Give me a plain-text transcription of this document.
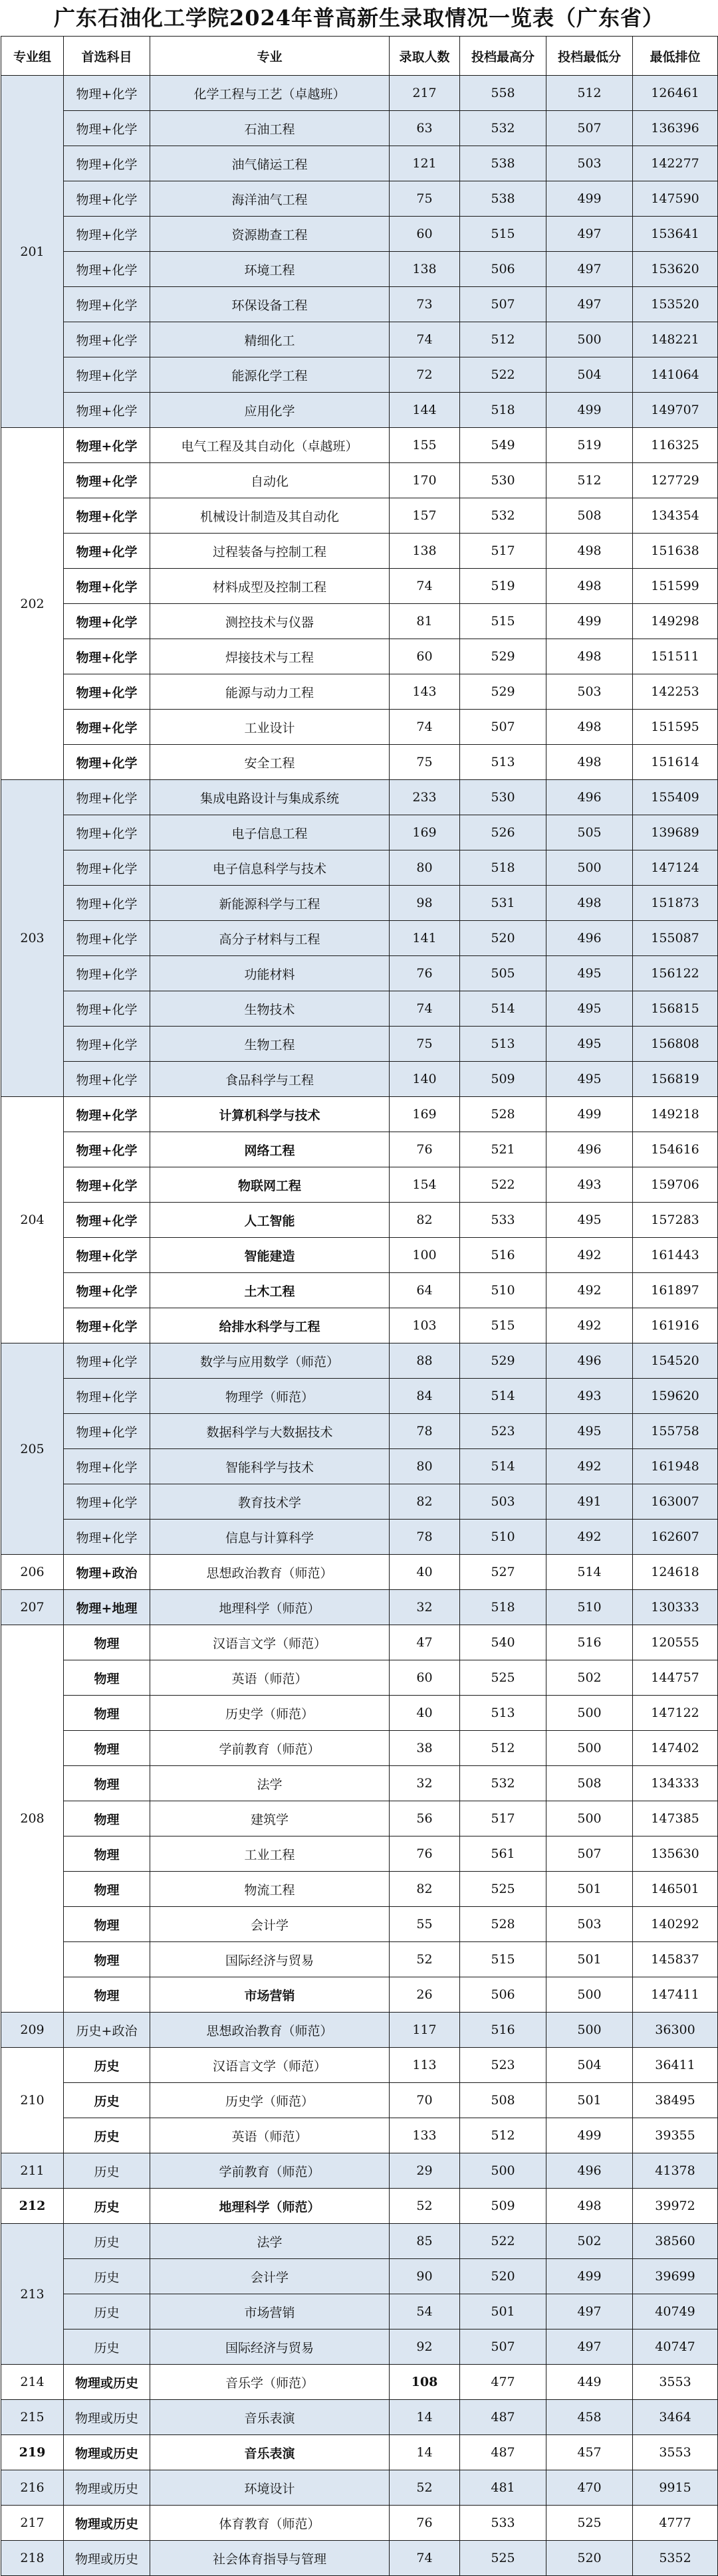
广东石油化工学院2024年普高新生录取情况一览表（广东省）
专业组	首选科目	专业	录取人数	投档最高分	投档最低分	最低排位
201	物理+化学	化学工程与工艺（卓越班）	217	558	512	126461
	物理+化学	石油工程	63	532	507	136396
	物理+化学	油气储运工程	121	538	503	142277
	物理+化学	海洋油气工程	75	538	499	147590
	物理+化学	资源勘查工程	60	515	497	153641
	物理+化学	环境工程	138	506	497	153620
	物理+化学	环保设备工程	73	507	497	153520
	物理+化学	精细化工	74	512	500	148221
	物理+化学	能源化学工程	72	522	504	141064
	物理+化学	应用化学	144	518	499	149707
202	物理+化学	电气工程及其自动化（卓越班）	155	549	519	116325
	物理+化学	自动化	170	530	512	127729
	物理+化学	机械设计制造及其自动化	157	532	508	134354
	物理+化学	过程装备与控制工程	138	517	498	151638
	物理+化学	材料成型及控制工程	74	519	498	151599
	物理+化学	测控技术与仪器	81	515	499	149298
	物理+化学	焊接技术与工程	60	529	498	151511
	物理+化学	能源与动力工程	143	529	503	142253
	物理+化学	工业设计	74	507	498	151595
	物理+化学	安全工程	75	513	498	151614
203	物理+化学	集成电路设计与集成系统	233	530	496	155409
	物理+化学	电子信息工程	169	526	505	139689
	物理+化学	电子信息科学与技术	80	518	500	147124
	物理+化学	新能源科学与工程	98	531	498	151873
	物理+化学	高分子材料与工程	141	520	496	155087
	物理+化学	功能材料	76	505	495	156122
	物理+化学	生物技术	74	514	495	156815
	物理+化学	生物工程	75	513	495	156808
	物理+化学	食品科学与工程	140	509	495	156819
204	物理+化学	计算机科学与技术	169	528	499	149218
	物理+化学	网络工程	76	521	496	154616
	物理+化学	物联网工程	154	522	493	159706
	物理+化学	人工智能	82	533	495	157283
	物理+化学	智能建造	100	516	492	161443
	物理+化学	土木工程	64	510	492	161897
	物理+化学	给排水科学与工程	103	515	492	161916
205	物理+化学	数学与应用数学（师范）	88	529	496	154520
	物理+化学	物理学（师范）	84	514	493	159620
	物理+化学	数据科学与大数据技术	78	523	495	155758
	物理+化学	智能科学与技术	80	514	492	161948
	物理+化学	教育技术学	82	503	491	163007
	物理+化学	信息与计算科学	78	510	492	162607
206	物理+政治	思想政治教育（师范）	40	527	514	124618
207	物理+地理	地理科学（师范）	32	518	510	130333
208	物理	汉语言文学（师范）	47	540	516	120555
	物理	英语（师范）	60	525	502	144757
	物理	历史学（师范）	40	513	500	147122
	物理	学前教育（师范）	38	512	500	147402
	物理	法学	32	532	508	134333
	物理	建筑学	56	517	500	147385
	物理	工业工程	76	561	507	135630
	物理	物流工程	82	525	501	146501
	物理	会计学	55	528	503	140292
	物理	国际经济与贸易	52	515	501	145837
	物理	市场营销	26	506	500	147411
209	历史+政治	思想政治教育（师范）	117	516	500	36300
210	历史	汉语言文学（师范）	113	523	504	36411
	历史	历史学（师范）	70	508	501	38495
	历史	英语（师范）	133	512	499	39355
211	历史	学前教育（师范）	29	500	496	41378
212	历史	地理科学（师范）	52	509	498	39972
213	历史	法学	85	522	502	38560
	历史	会计学	90	520	499	39699
	历史	市场营销	54	501	497	40749
	历史	国际经济与贸易	92	507	497	40747
214	物理或历史	音乐学（师范）	108	477	449	3553
215	物理或历史	音乐表演	14	487	458	3464
219	物理或历史	音乐表演	14	487	457	3553
216	物理或历史	环境设计	52	481	470	9915
217	物理或历史	体育教育（师范）	76	533	525	4777
218	物理或历史	社会体育指导与管理	74	525	520	5352
